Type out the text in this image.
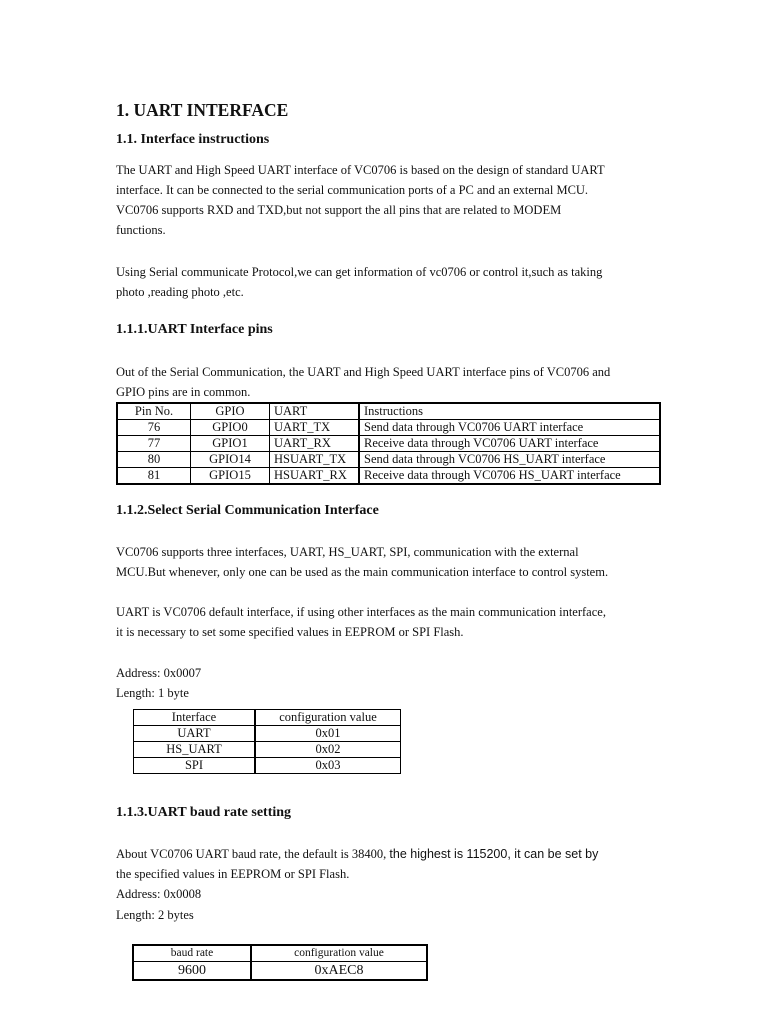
1. UART INTERFACE
1.1. Interface instructions
The UART and High Speed UART interface of VC0706 is based on the design of standard UART
interface. It can be connected to the serial communication ports of a PC and an external MCU.
VC0706 supports RXD and TXD,but not support the all pins that are related to MODEM
functions.
Using Serial communicate Protocol,we can get information of vc0706 or control it,such as taking
photo ,reading photo ,etc.
1.1.1.UART Interface pins
Out of the Serial Communication, the UART and High Speed UART interface pins of VC0706 and
GPIO pins are in common.
Pin No.	GPIO	UART	Instructions
76	GPIO0	UART_TX	Send data through VC0706 UART interface
77	GPIO1	UART_RX	Receive data through VC0706 UART interface
80	GPIO14	HSUART_TX	Send data through VC0706 HS_UART interface
81	GPIO15	HSUART_RX	Receive data through VC0706 HS_UART interface
1.1.2.Select Serial Communication Interface
VC0706 supports three interfaces, UART, HS_UART, SPI, communication with the external
MCU.But whenever, only one can be used as the main communication interface to control system.
UART is VC0706 default interface, if using other interfaces as the main communication interface,
it is necessary to set some specified values in EEPROM or SPI Flash.
Address: 0x0007
Length: 1 byte
Interface	configuration value
UART	0x01
HS_UART	0x02
SPI	0x03
1.1.3.UART baud rate setting
About VC0706 UART baud rate, the default is 38400, the highest is 115200, it can be set by
the specified values in EEPROM or SPI Flash.
Address: 0x0008
Length: 2 bytes
baud rate	configuration value
9600	0xAEC8
